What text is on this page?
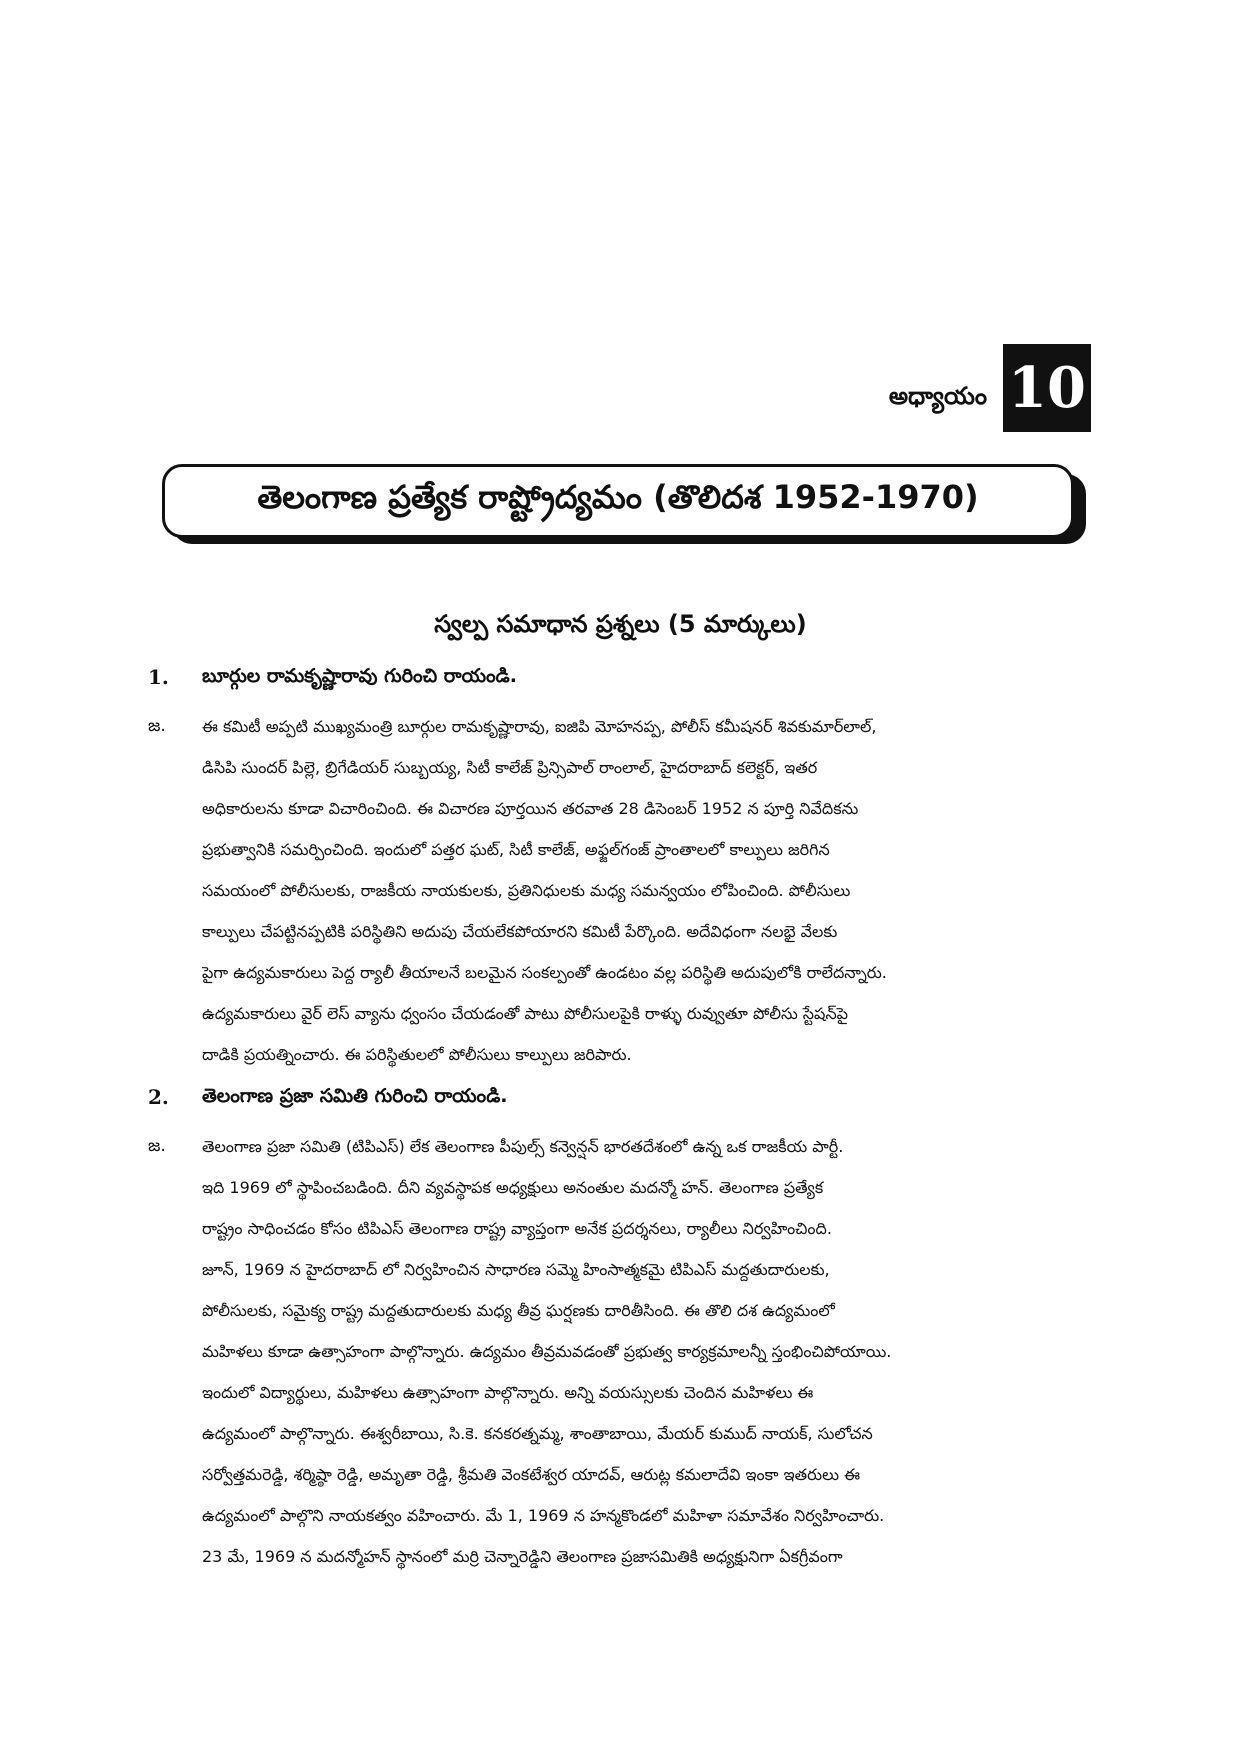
అధ్యాయం 10
తెలంగాణ ప్రత్యేక రాష్ట్రోద్యమం (తొలిదశ 1952-1970)
స్వల్ప సమాధాన ప్రశ్నలు (5 మార్కులు)
1.	బూర్గుల రామకృష్ణారావు గురించి రాయండి.
జ.	ఈ కమిటీ అప్పటి ముఖ్యమంత్రి బూర్గుల రామకృష్ణారావు, ఐజిపి మోహనప్ప, పోలీస్ కమీషనర్ శివకుమార్‌లాల్,
డిసిపి సుందర్ పిల్లె, బ్రిగేడియర్ సుబ్బయ్య, సిటీ కాలేజ్ ప్రిన్సిపాల్ రాంలాల్, హైదరాబాద్ కలెక్టర్, ఇతర
అధికారులను కూడా విచారించింది. ఈ విచారణ పూర్తయిన తరవాత 28 డిసెంబర్ 1952 న పూర్తి నివేదికను
ప్రభుత్వానికి సమర్పించింది. ఇందులో పత్తర ఘట్, సిటీ కాలేజ్, అఫ్జల్‌గంజ్ ప్రాంతాలలో కాల్పులు జరిగిన
సమయంలో పోలీసులకు, రాజకీయ నాయకులకు, ప్రతినిధులకు మధ్య సమన్వయం లోపించింది. పోలీసులు
కాల్పులు చేపట్టినప్పటికి పరిస్థితిని అదుపు చేయలేకపోయారని కమిటీ పేర్కొంది. అదేవిధంగా నలభై వేలకు
పైగా ఉద్యమకారులు పెద్ద ర్యాలీ తీయాలనే బలమైన సంకల్పంతో ఉండటం వల్ల పరిస్థితి అదుపులోకి రాలేదన్నారు.
ఉద్యమకారులు వైర్ లెస్ వ్యాను ధ్వంసం చేయడంతో పాటు పోలీసులపైకి రాళ్ళు రువ్వుతూ పోలీసు స్టేషన్‌పై
దాడికి ప్రయత్నించారు. ఈ పరిస్థితులలో పోలీసులు కాల్పులు జరిపారు.
2.	తెలంగాణ ప్రజా సమితి గురించి రాయండి.
జ.	తెలంగాణ ప్రజా సమితి (టిపిఎస్) లేక తెలంగాణ పీపుల్స్ కన్వెన్షన్ భారతదేశంలో ఉన్న ఒక రాజకీయ పార్టీ.
ఇది 1969 లో స్థాపించబడింది. దీని వ్యవస్థాపక అధ్యక్షులు అనంతుల మదన్మో హన్. తెలంగాణ ప్రత్యేక
రాష్ట్రం సాధించడం కోసం టిపిఎస్ తెలంగాణ రాష్ట్ర వ్యాప్తంగా అనేక ప్రదర్శనలు, ర్యాలీలు నిర్వహించింది.
జూన్, 1969 న హైదరాబాద్ లో నిర్వహించిన సాధారణ సమ్మె హింసాత్మకమై టిపిఎస్ మద్దతుదారులకు,
పోలీసులకు, సమైక్య రాష్ట్ర మద్దతుదారులకు మధ్య తీవ్ర ఘర్షణకు దారితీసింది. ఈ తొలి దశ ఉద్యమంలో
మహిళలు కూడా ఉత్సాహంగా పాల్గొన్నారు. ఉద్యమం తీవ్రమవడంతో ప్రభుత్వ కార్యక్రమాలన్నీ స్తంభించిపోయాయి.
ఇందులో విద్యార్థులు, మహిళలు ఉత్సాహంగా పాల్గొన్నారు. అన్ని వయస్సులకు చెందిన మహిళలు ఈ
ఉద్యమంలో పాల్గొన్నారు. ఈశ్వరీబాయి, సి.కె. కనకరత్నమ్మ, శాంతాబాయి, మేయర్ కుముద్ నాయక్, సులోచన
సర్వోత్తమరెడ్డి, శర్మిష్ఠా రెడ్డి, అమృతా రెడ్డి, శ్రీమతి వెంకటేశ్వర యాదవ్, ఆరుట్ల కమలాదేవి ఇంకా ఇతరులు ఈ
ఉద్యమంలో పాల్గొని నాయకత్వం వహించారు. మే 1, 1969 న హన్మకొండలో మహిళా సమావేశం నిర్వహించారు.
23 మే, 1969 న మదన్మోహన్ స్థానంలో మర్రి చెన్నారెడ్డిని తెలంగాణ ప్రజాసమితికి అధ్యక్షునిగా ఏకగ్రీవంగా
